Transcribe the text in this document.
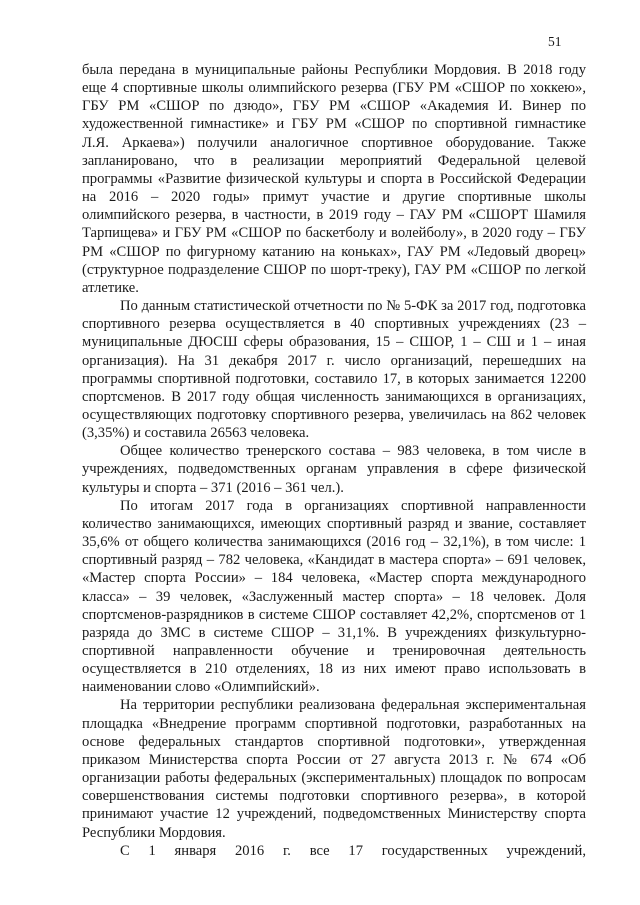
51

была передана в муниципальные районы Республики Мордовия. В 2018 году еще 4 спортивные школы олимпийского резерва (ГБУ РМ «СШОР по хоккею», ГБУ РМ «СШОР по дзюдо», ГБУ РМ «СШОР «Академия И. Винер по художественной гимнастике» и ГБУ РМ «СШОР по спортивной гимнастике Л.Я. Аркаева») получили аналогичное спортивное оборудование. Также запланировано, что в реализации мероприятий Федеральной целевой программы «Развитие физической культуры и спорта в Российской Федерации на 2016 – 2020 годы» примут участие и другие спортивные школы олимпийского резерва, в частности, в 2019 году – ГАУ РМ «СШОРТ Шамиля Тарпищева» и ГБУ РМ «СШОР по баскетболу и волейболу», в 2020 году – ГБУ РМ «СШОР по фигурному катанию на коньках», ГАУ РМ «Ледовый дворец» (структурное подразделение СШОР по шорт-треку), ГАУ РМ «СШОР по легкой атлетике.

По данным статистической отчетности по № 5-ФК за 2017 год, подготовка спортивного резерва осуществляется в 40 спортивных учреждениях (23 – муниципальные ДЮСШ сферы образования, 15 – СШОР, 1 – СШ и 1 – иная организация). На 31 декабря 2017 г. число организаций, перешедших на программы спортивной подготовки, составило 17, в которых занимается 12200 спортсменов. В 2017 году общая численность занимающихся в организациях, осуществляющих подготовку спортивного резерва, увеличилась на 862 человек (3,35%) и составила 26563 человека.

Общее количество тренерского состава – 983 человека, в том числе в учреждениях, подведомственных органам управления в сфере физической культуры и спорта – 371 (2016 – 361 чел.).

По итогам 2017 года в организациях спортивной направленности количество занимающихся, имеющих спортивный разряд и звание, составляет 35,6% от общего количества занимающихся (2016 год – 32,1%), в том числе: 1 спортивный разряд – 782 человека, «Кандидат в мастера спорта» – 691 человек, «Мастер спорта России» – 184 человека, «Мастер спорта международного класса» – 39 человек, «Заслуженный мастер спорта» – 18 человек. Доля спортсменов-разрядников в системе СШОР составляет 42,2%, спортсменов от 1 разряда до ЗМС в системе СШОР – 31,1%. В учреждениях физкультурно-спортивной направленности обучение и тренировочная деятельность осуществляется в 210 отделениях, 18 из них имеют право использовать в наименовании слово «Олимпийский».

На территории республики реализована федеральная экспериментальная площадка «Внедрение программ спортивной подготовки, разработанных на основе федеральных стандартов спортивной подготовки», утвержденная приказом Министерства спорта России от 27 августа 2013 г. № 674 «Об организации работы федеральных (экспериментальных) площадок по вопросам совершенствования системы подготовки спортивного резерва», в которой принимают участие 12 учреждений, подведомственных Министерству спорта Республики Мордовия.

С 1 января 2016 г. все 17 государственных учреждений,
